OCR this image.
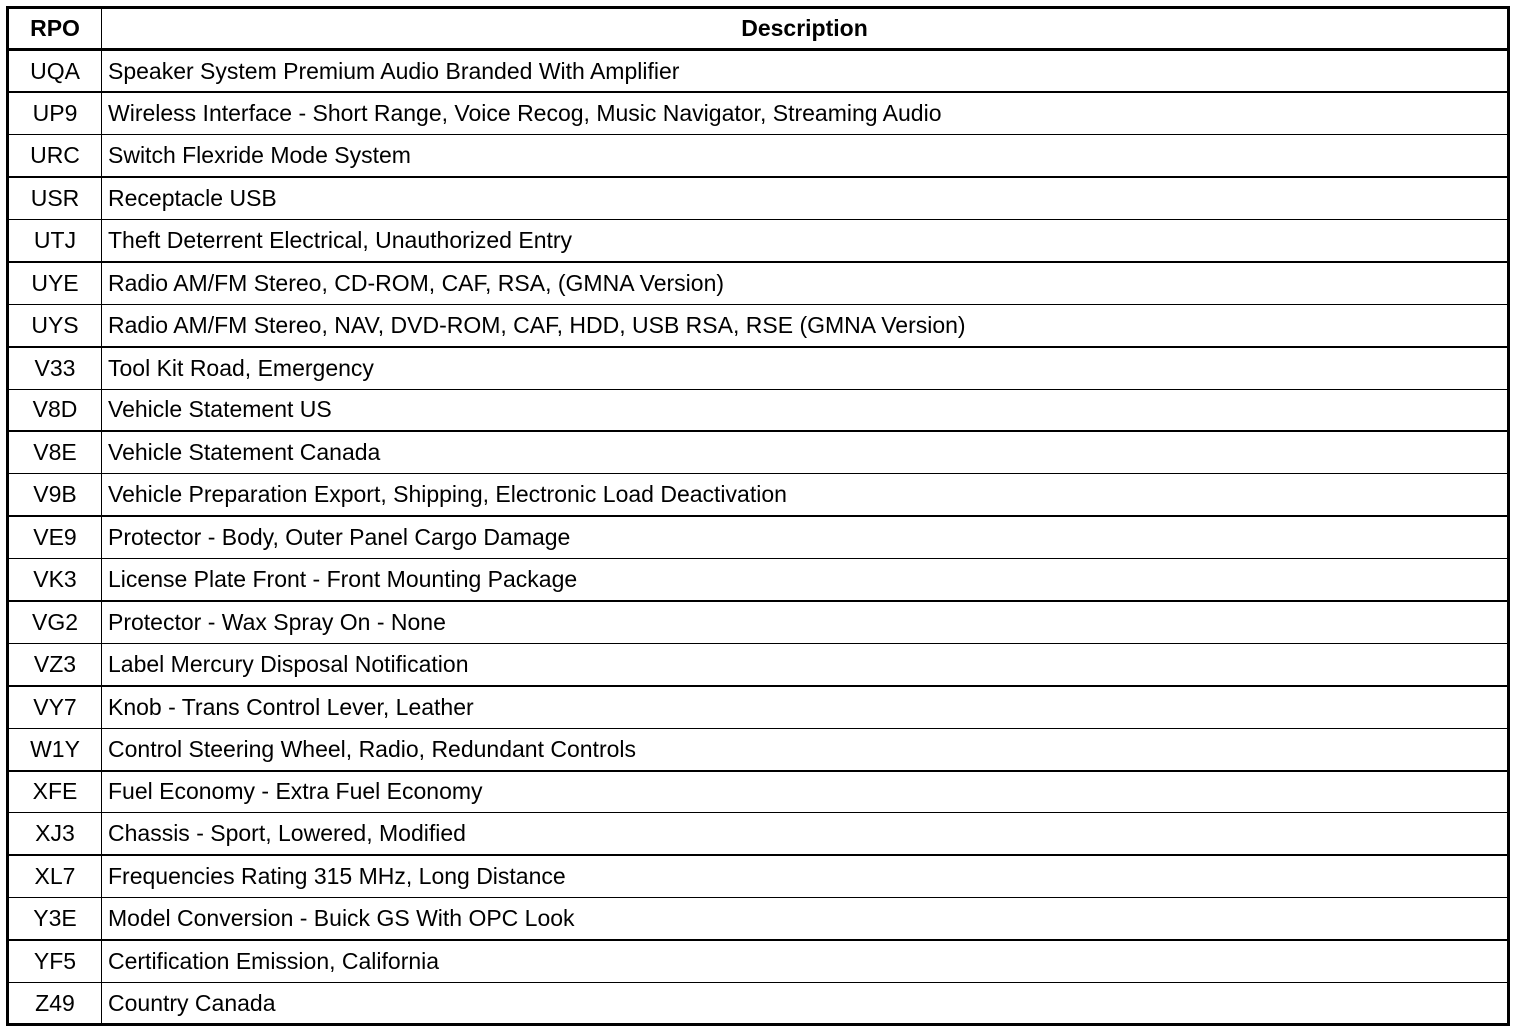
RPO	Description
UQA	Speaker System Premium Audio Branded With Amplifier
UP9	Wireless Interface - Short Range, Voice Recog, Music Navigator, Streaming Audio
URC	Switch Flexride Mode System
USR	Receptacle USB
UTJ	Theft Deterrent Electrical, Unauthorized Entry
UYE	Radio AM/FM Stereo, CD-ROM, CAF, RSA, (GMNA Version)
UYS	Radio AM/FM Stereo, NAV, DVD-ROM, CAF, HDD, USB RSA, RSE (GMNA Version)
V33	Tool Kit Road, Emergency
V8D	Vehicle Statement US
V8E	Vehicle Statement Canada
V9B	Vehicle Preparation Export, Shipping, Electronic Load Deactivation
VE9	Protector - Body, Outer Panel Cargo Damage
VK3	License Plate Front - Front Mounting Package
VG2	Protector - Wax Spray On - None
VZ3	Label Mercury Disposal Notification
VY7	Knob - Trans Control Lever, Leather
W1Y	Control Steering Wheel, Radio, Redundant Controls
XFE	Fuel Economy - Extra Fuel Economy
XJ3	Chassis - Sport, Lowered, Modified
XL7	Frequencies Rating 315 MHz, Long Distance
Y3E	Model Conversion - Buick GS With OPC Look
YF5	Certification Emission, California
Z49	Country Canada
